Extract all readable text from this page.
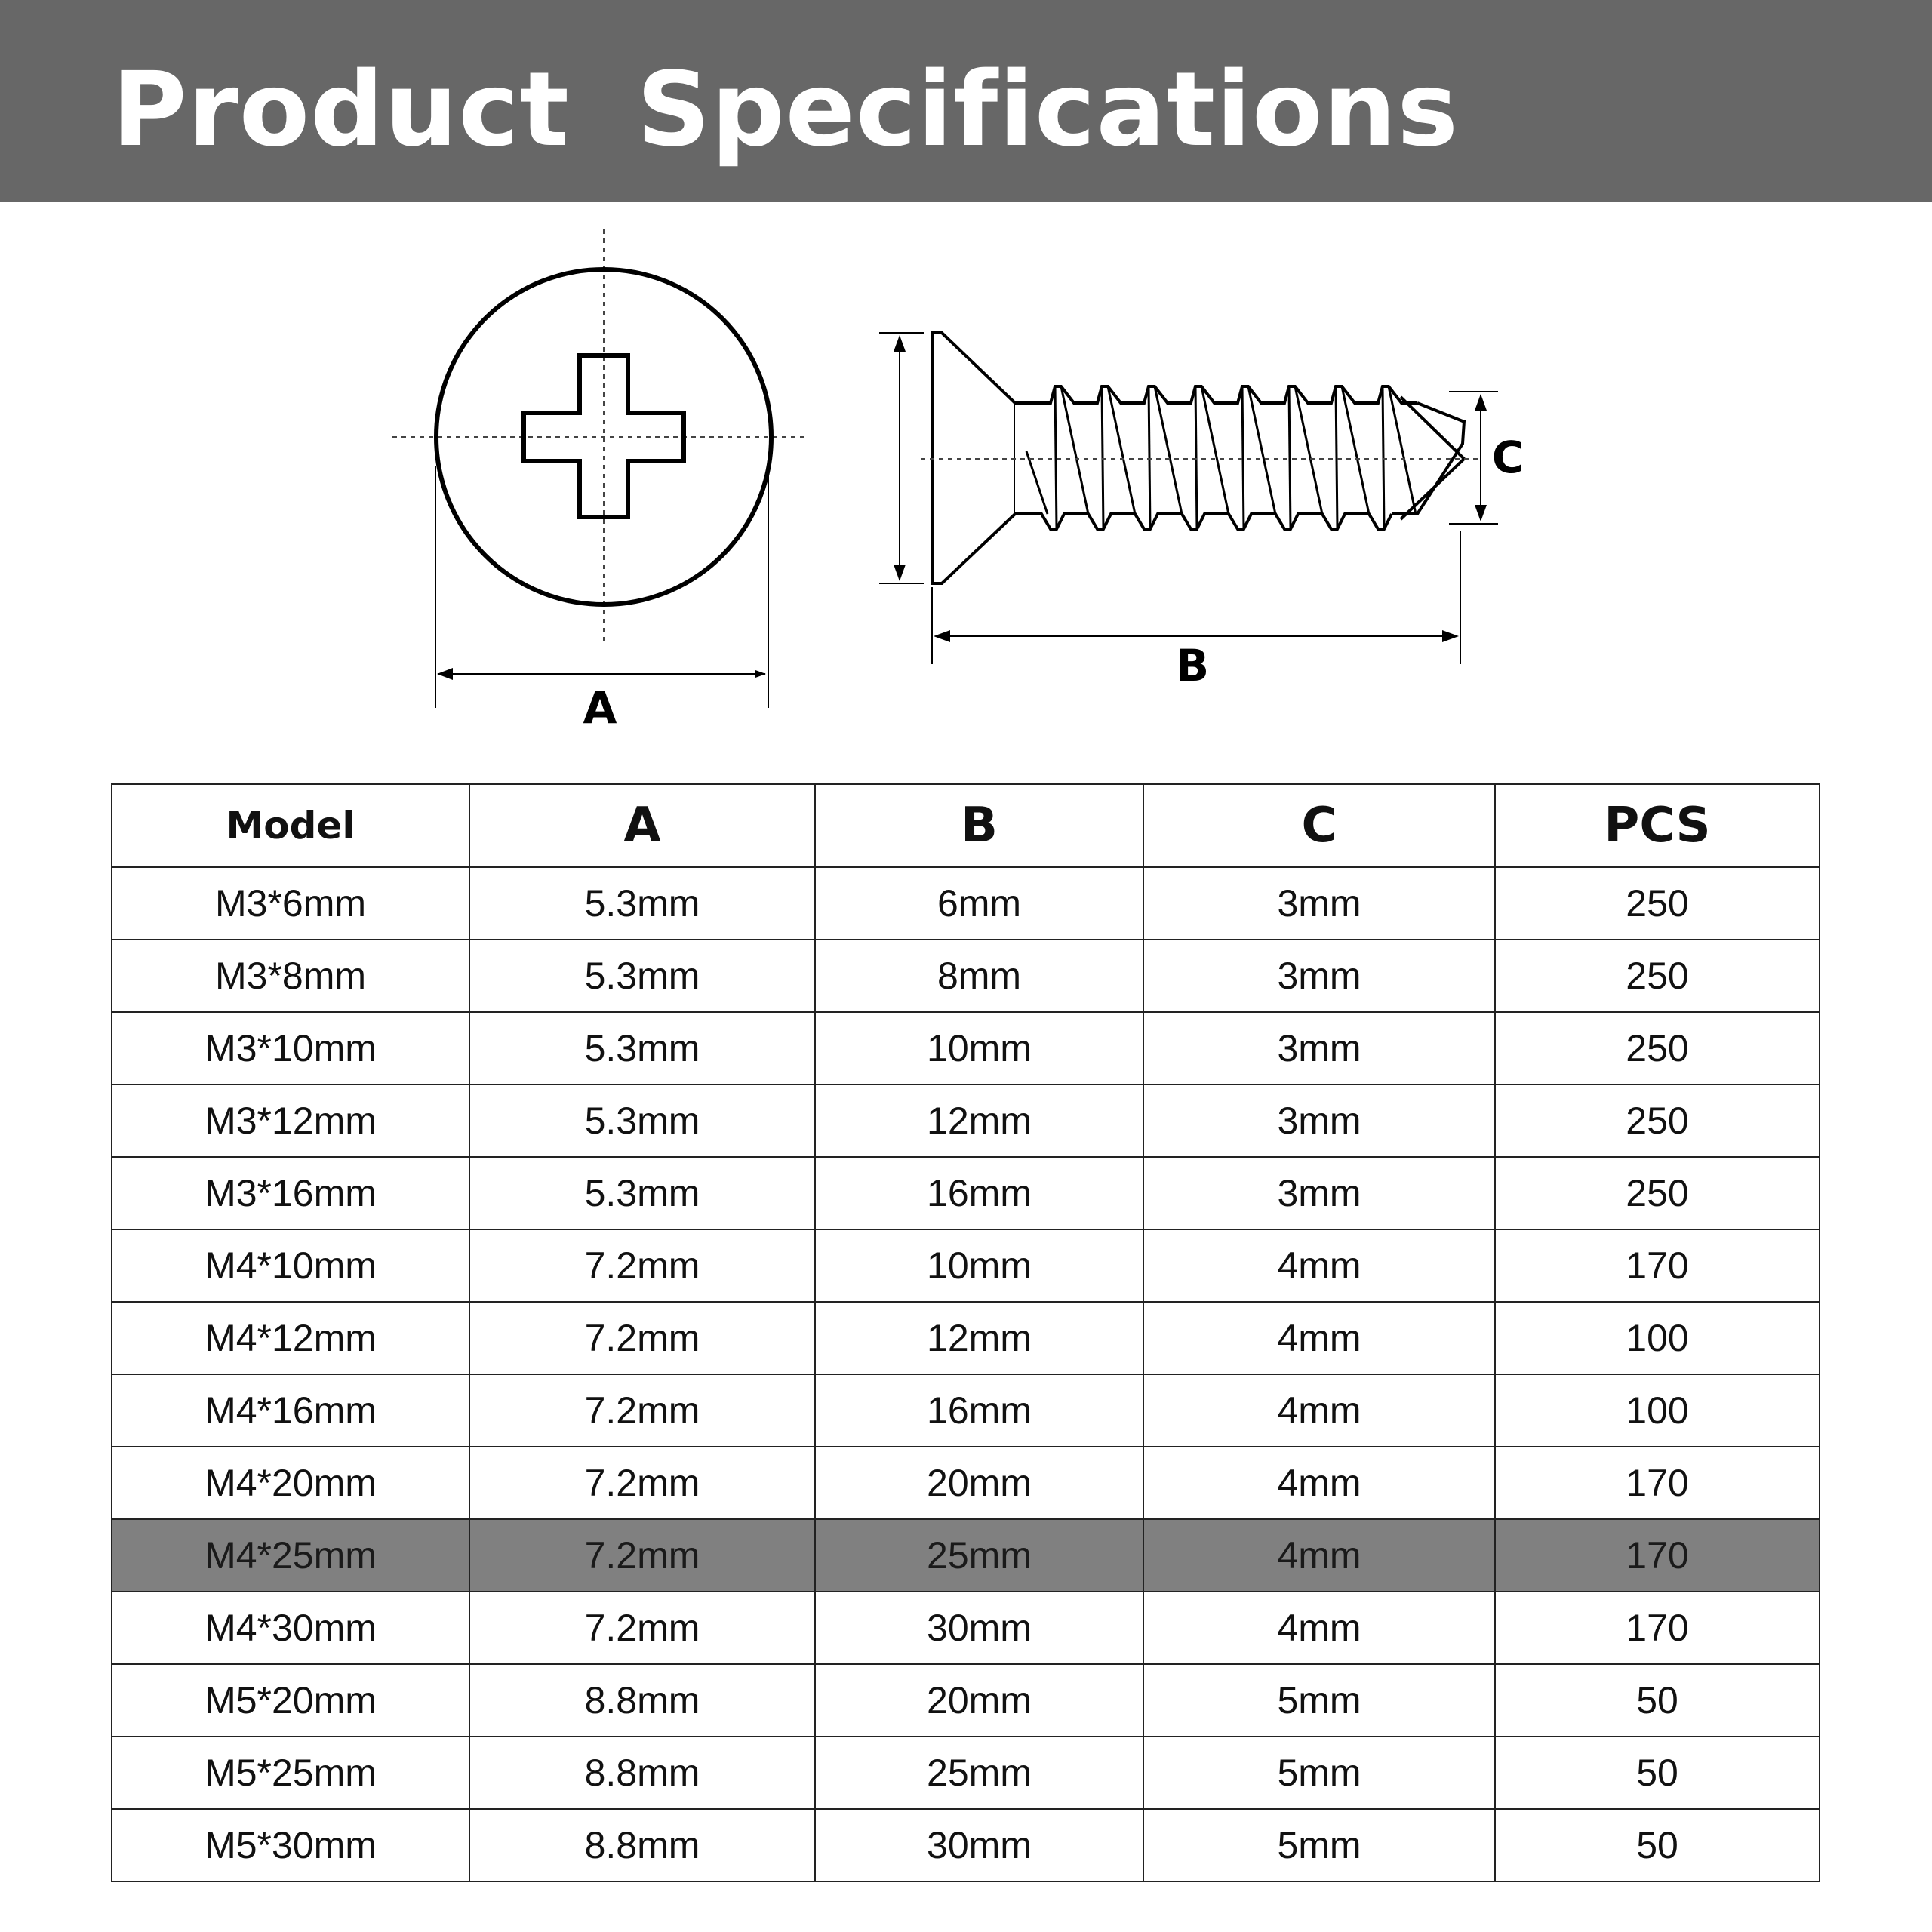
Product Specifications
A
B
C
Model	A	B	C	PCS
M3*6mm	5.3mm	6mm	3mm	250
M3*8mm	5.3mm	8mm	3mm	250
M3*10mm	5.3mm	10mm	3mm	250
M3*12mm	5.3mm	12mm	3mm	250
M3*16mm	5.3mm	16mm	3mm	250
M4*10mm	7.2mm	10mm	4mm	170
M4*12mm	7.2mm	12mm	4mm	100
M4*16mm	7.2mm	16mm	4mm	100
M4*20mm	7.2mm	20mm	4mm	170
M4*25mm	7.2mm	25mm	4mm	170
M4*30mm	7.2mm	30mm	4mm	170
M5*20mm	8.8mm	20mm	5mm	50
M5*25mm	8.8mm	25mm	5mm	50
M5*30mm	8.8mm	30mm	5mm	50
